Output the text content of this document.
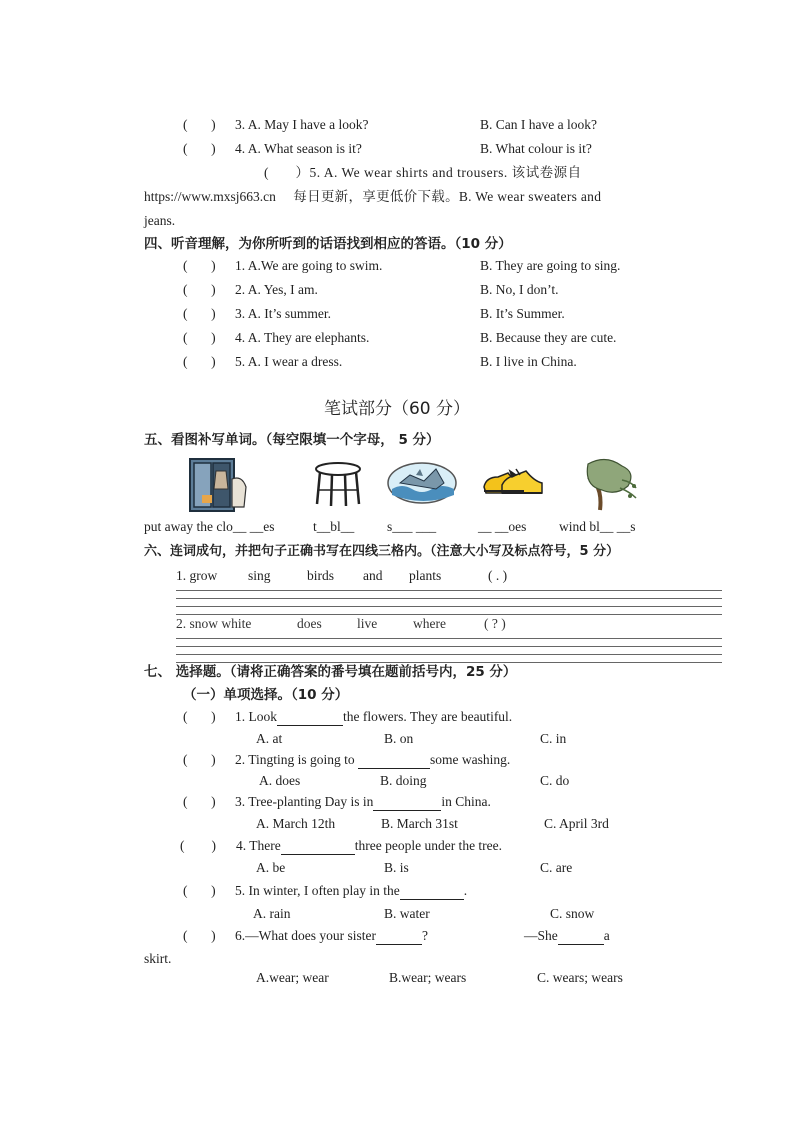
(       ) 3. A. May I have a look?	B. Can I have a look?
(       ) 4. A. What season is it?	B. What colour is it?
(        ）5. A. We wear shirts and trousers. 该试卷源自
https://www.mxsj663.cn 每日更新，享更低价下载。B. We wear sweaters and
jeans.
四、听音理解，为你所听到的话语找到相应的答语。（10 分）
(       ) 1. A.We are going to swim.	B. They are going to sing.
(       ) 2. A. Yes, I am.	B. No, I don’t.
(       ) 3. A. It’s summer.	B. It’s Summer.
(       ) 4. A. They are elephants.	B. Because they are cute.
(       ) 5. A. I wear a dress.	B. I live in China.
笔试部分（60 分）
五、看图补写单词。（每空限填一个字母， 5 分）
put away the clo__ __es	t__bl__ s___ ___	__ __oes wind bl__ __s
六、连词成句，并把句子正确书写在四线三格内。（注意大小写及标点符号，5 分）
1. grow sing	birds and plants	( . )
2. snow white	does	live	where	( ? )
七、 选择题。（请将正确答案的番号填在题前括号内，25 分）
（一）单项选择。（10 分）
(       ) 1. Look	the flowers. They are beautiful.
A. at	B. on	C. in
(       ) 2. Tingting is going to	some washing.
A. does	B. doing	C. do
(       ) 3. Tree-planting Day is in	in China.
A. March 12th	B. March 31st	C. April 3rd
(        ) 4. There	three people under the tree.
A. be	B. is	C. are
(       ) 5. In winter, I often play in the	.
A. rain	B. water	C. snow
(       ) 6.—What does your sister	?	—She	a
skirt.
A.wear; wear	B.wear; wears	C. wears; wears
